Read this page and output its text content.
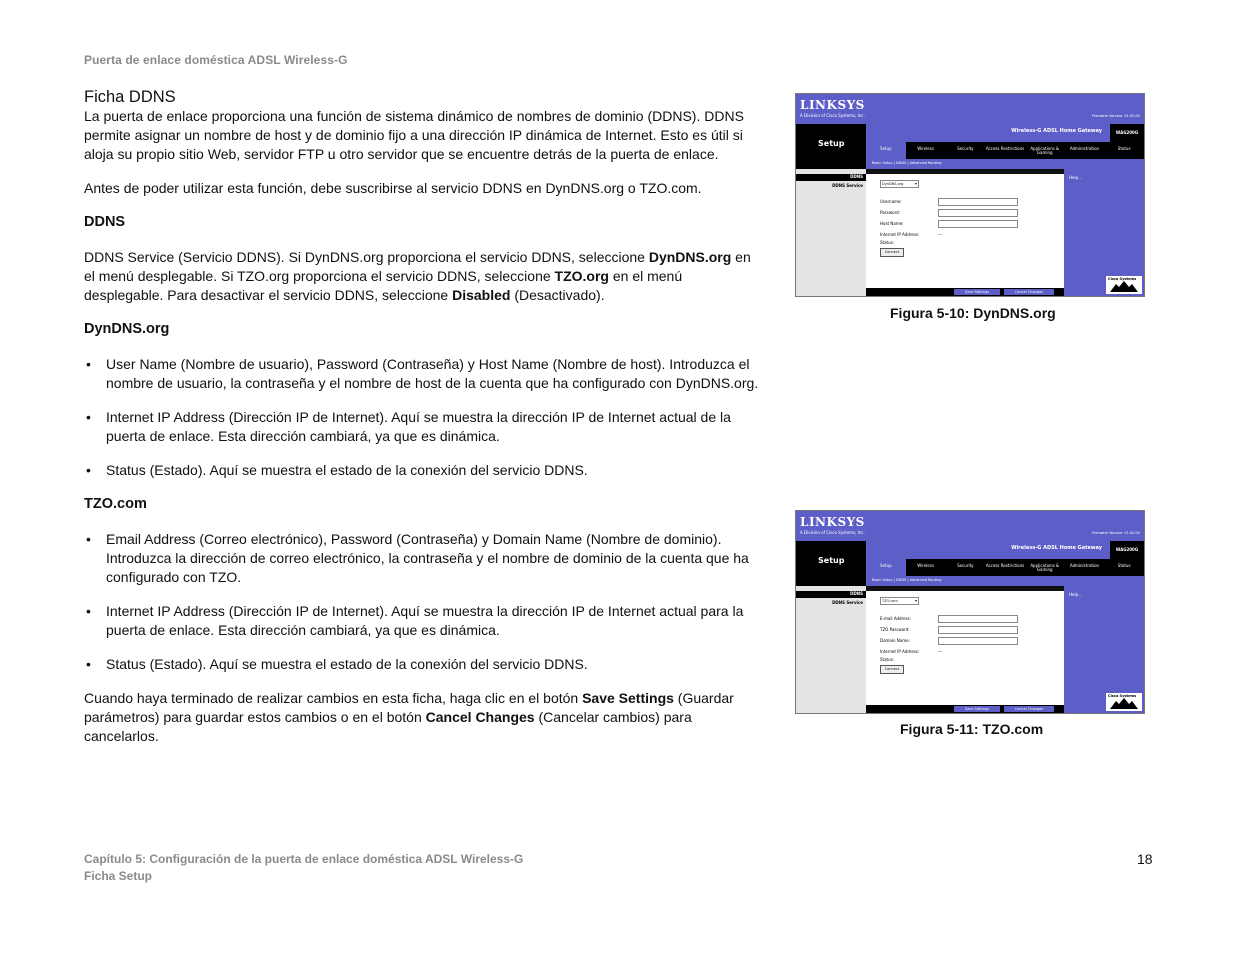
Puerta de enlace doméstica ADSL Wireless-G

Ficha DDNS

La puerta de enlace proporciona una función de sistema dinámico de nombres de dominio (DDNS). DDNS permite asignar un nombre de host y de dominio fijo a una dirección IP dinámica de Internet. Esto es útil si aloja su propio sitio Web, servidor FTP u otro servidor que se encuentre detrás de la puerta de enlace.

Antes de poder utilizar esta función, debe suscribirse al servicio DDNS en DynDNS.org o TZO.com.

DDNS

DDNS Service (Servicio DDNS). Si DynDNS.org proporciona el servicio DDNS, seleccione DynDNS.org en el menú desplegable. Si TZO.org proporciona el servicio DDNS, seleccione TZO.org en el menú desplegable. Para desactivar el servicio DDNS, seleccione Disabled (Desactivado).

DynDNS.org

• User Name (Nombre de usuario), Password (Contraseña) y Host Name (Nombre de host). Introduzca el nombre de usuario, la contraseña y el nombre de host de la cuenta que ha configurado con DynDNS.org.
• Internet IP Address (Dirección IP de Internet). Aquí se muestra la dirección IP de Internet actual de la puerta de enlace. Esta dirección cambiará, ya que es dinámica.
• Status (Estado). Aquí se muestra el estado de la conexión del servicio DDNS.

TZO.com

• Email Address (Correo electrónico), Password (Contraseña) y Domain Name (Nombre de dominio). Introduzca la dirección de correo electrónico, la contraseña y el nombre de dominio de la cuenta que ha configurado con TZO.
• Internet IP Address (Dirección IP de Internet). Aquí se muestra la dirección IP de Internet actual para la puerta de enlace. Esta dirección cambiará, ya que es dinámica.
• Status (Estado). Aquí se muestra el estado de la conexión del servicio DDNS.

Cuando haya terminado de realizar cambios en esta ficha, haga clic en el botón Save Settings (Guardar parámetros) para guardar estos cambios o en el botón Cancel Changes (Cancelar cambios) para cancelarlos.

LINKSYS
A Division of Cisco Systems, Inc.	Firmware Version: V1.00.00
Setup
Wireless-G ADSL Home Gateway	WAG200G
Setup	Wireless	Security	Access Restrictions	Applications & Gaming
Administration	Status
Basic Setup | DDNS | Advanced Routing
DDNS
DDNS Service	DynDNS.org ▾
Username:
Password:
Host Name:
Internet IP Address:	---
Status:
Connect
Save Settings	Cancel Changes
Help...
Cisco Systems
Figura 5-10: DynDNS.org
LINKSYS
A Division of Cisco Systems, Inc.	Firmware Version: V1.00.00
Setup
Wireless-G ADSL Home Gateway	WAG200G
Setup	Wireless	Security	Access Restrictions	Applications & Gaming
Administration	Status
Basic Setup | DDNS | Advanced Routing
DDNS
DDNS Service	TZO.com ▾
E-mail Address:
TZO Password:
Domain Name:
Internet IP Address:	---
Status:
Connect
Save Settings	Cancel Changes
Help...
Cisco Systems
Figura 5-11: TZO.com
Capítulo 5: Configuración de la puerta de enlace doméstica ADSL Wireless-G
Ficha Setup
18
